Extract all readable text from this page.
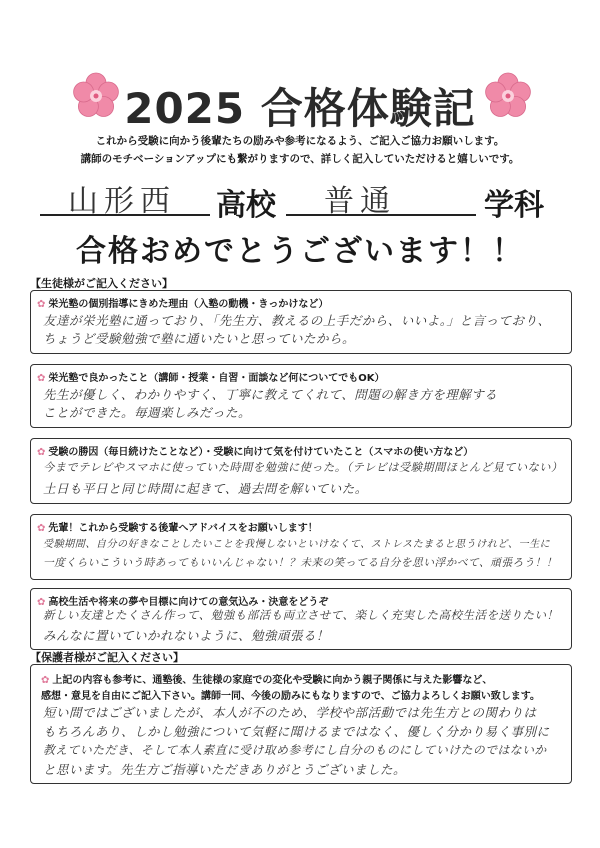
2025 合格体験記
これから受験に向かう後輩たちの励みや参考になるよう、ご記入ご協力お願いします。
講師のモチベーションアップにも繋がりますので、詳しく記入していただけると嬉しいです。
山形西 高校 普通	学科
合格おめでとうございます！！
【生徒様がご記入ください】
✿ 栄光塾の個別指導にきめた理由（入塾の動機・きっかけなど）
友達が栄光塾に通っており、「先生方、教えるの上手だから、いいよ。」と言っており、
ちょうど受験勉強で塾に通いたいと思っていたから。
✿ 栄光塾で良かったこと（講師・授業・自習・面談など何についてでもOK）
先生が優しく、わかりやすく、丁寧に教えてくれて、問題の解き方を理解する
ことができた。毎週楽しみだった。
✿ 受験の勝因（毎日続けたことなど）・受験に向けて気を付けていたこと（スマホの使い方など）
今までテレビやスマホに使っていた時間を勉強に使った。（テレビは受験期間ほとんど見ていない）
土日も平日と同じ時間に起きて、過去問を解いていた。
✿ 先輩！これから受験する後輩へアドバイスをお願いします！
受験期間、自分の好きなことしたいことを我慢しないといけなくて、ストレスたまると思うけれど、一生に
一度くらいこういう時あってもいいんじゃない！？未来の笑ってる自分を思い浮かべて、頑張ろう！！
✿ 高校生活や将来の夢や目標に向けての意気込み・決意をどうぞ
新しい友達とたくさん作って、勉強も部活も両立させて、楽しく充実した高校生活を送りたい！
みんなに置いていかれないように、勉強頑張る！
【保護者様がご記入ください】
✿ 上記の内容も参考に、通塾後、生徒様の家庭での変化や受験に向かう親子関係に与えた影響など、
感想・意見を自由にご記入下さい。講師一同、今後の励みにもなりますので、ご協力よろしくお願い致します。
短い間ではございましたが、本人が不のため、学校や部活動では先生方との関わりは
もちろんあり、しかし勉強について気軽に聞けるまではなく、優しく分かり易く事別に
教えていただき、そして本人素直に受け取め参考にし自分のものにしていけたのではないか
と思います。先生方ご指導いただきありがとうございました。
